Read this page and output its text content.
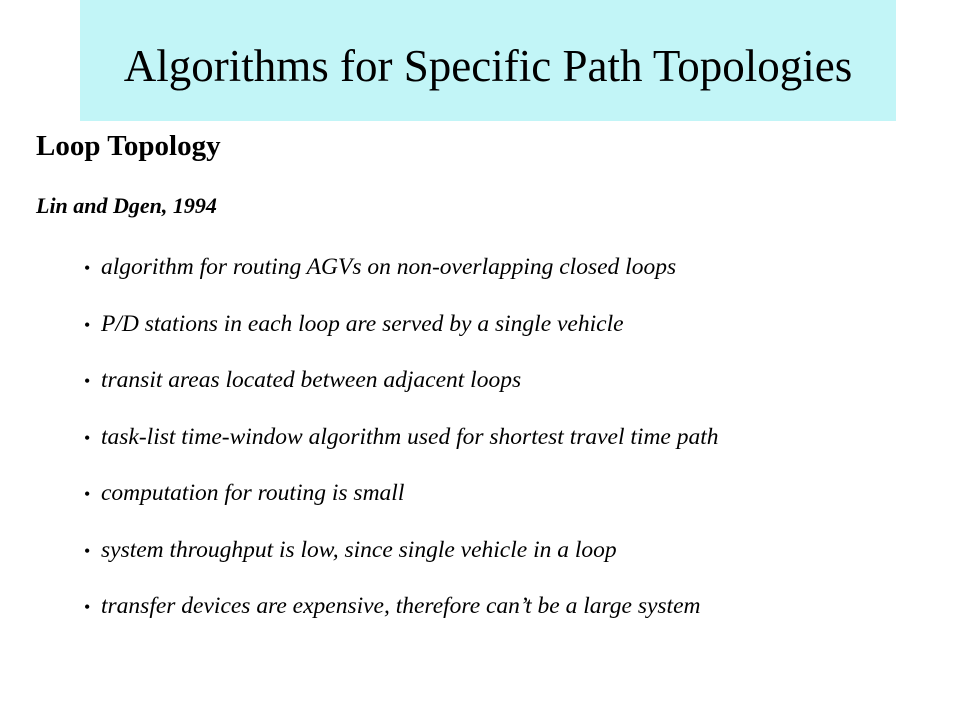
Algorithms for Specific Path Topologies
Loop Topology

Lin and Dgen, 1994

• algorithm for routing AGVs on non-overlapping closed loops
• P/D stations in each loop are served by a single vehicle
• transit areas located between adjacent loops
• task-list time-window algorithm used for shortest travel time path
• computation for routing is small
• system throughput is low, since single vehicle in a loop
• transfer devices are expensive, therefore can’t be a large system
